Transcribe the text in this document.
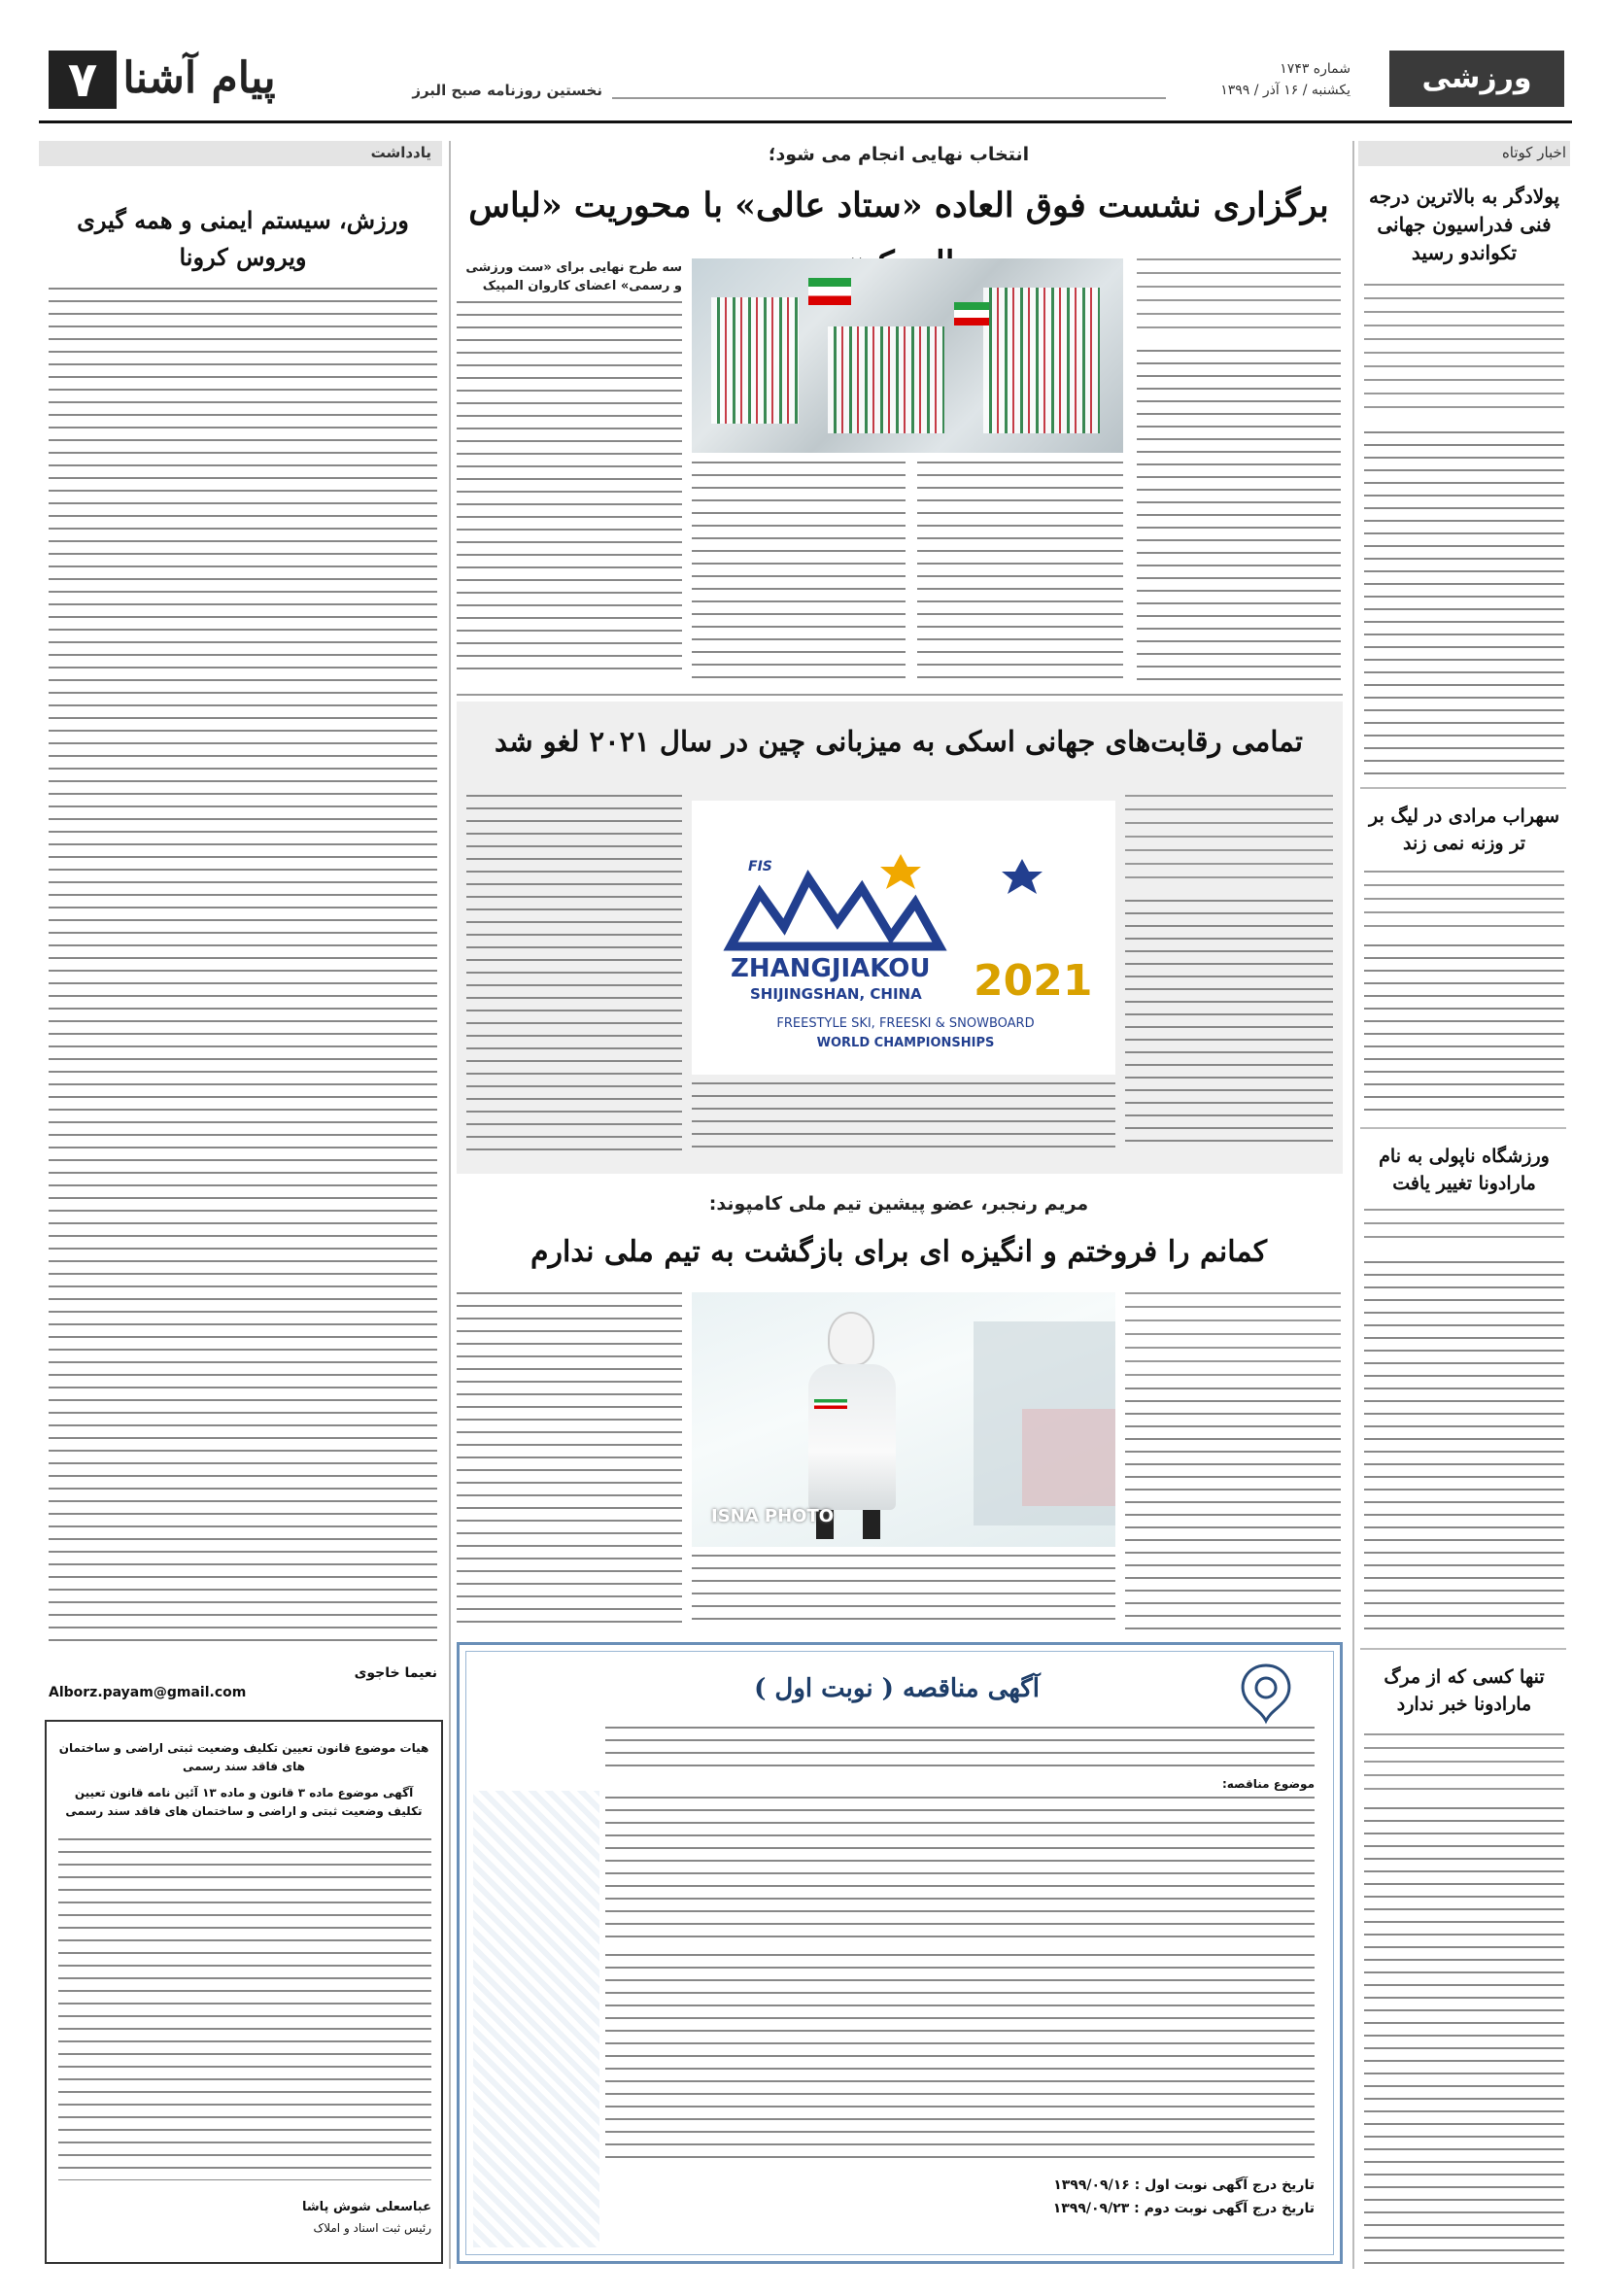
۷ پیام آشنا	نخستین روزنامه صبح البرز
شماره ۱۷۴۳
یکشنبه / ۱۶ آذر / ۱۳۹۹	ورزشی
اخبار کوتاه
پولادگر به بالاترین درجه فنی فدراسیون جهانی تکواندو رسید
سهراب مرادی در لیگ بر تر وزنه نمی زند
ورزشگاه ناپولی به نام مارادونا تغییر یافت
تنها کسی که از مرگ مارادونا خبر ندارد
انتخاب نهایی انجام می شود؛
برگزاری نشست فوق العاده «ستاد عالی» با محوریت «لباس
سه طرح نهایی برای «ست ورزشی و رسمی» اعضای کاروان المپیک
تمامی رقابت‌های جهانی اسکی به میزبانی چین در سال ۲۰۲۱ لغو شد
FIS
ZHANGJIAKOU
SHIJINGSHAN, CHINA 2021
FREESTYLE SKI, FREESKI & SNOWBOARD
WORLD CHAMPIONSHIPS
مریم رنجبر، عضو پیشین تیم ملی کامپوند:
کمانم را فروختم و انگیزه ای برای بازگشت به تیم ملی ندارم
ISNA PHOTO
آگهی مناقصه ( نوبت اول )
موضوع مناقصه:
تاریخ درج آگهی نوبت اول : ۱۳۹۹/۰۹/۱۶
تاریخ درج آگهی نوبت دوم : ۱۳۹۹/۰۹/۲۳
یادداشت
ورزش، سیستم ایمنی و همه گیری ویروس کرونا
نعیما خاجوی
Alborz.payam@gmail.com
هیات موضوع قانون تعیین تکلیف وضعیت ثبتی اراضی و ساختمان های فاقد سند رسمی
آگهی موضوع ماده ۳ قانون و ماده ۱۳ آئین نامه قانون تعیین تکلیف وضعیت ثبتی و اراضی و ساختمان های فاقد سند رسمی
عباسعلی شوش پاشا
رئیس ثبت اسناد و املاک
